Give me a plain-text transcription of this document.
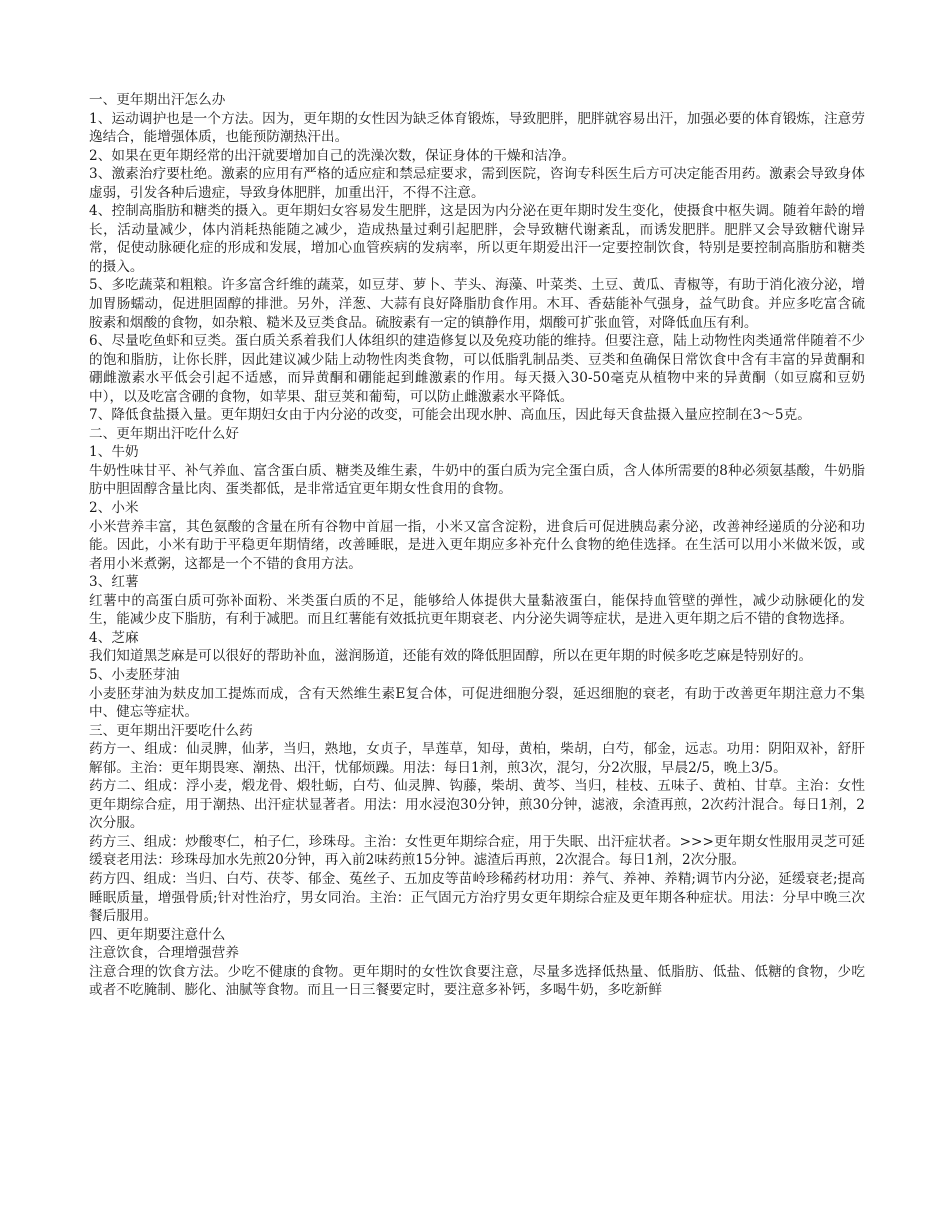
一、更年期出汗怎么办

1、运动调护也是一个方法。因为，更年期的女性因为缺乏体育锻炼，导致肥胖，肥胖就容易出汗，加强必要的体育锻炼，注意劳逸结合，能增强体质，也能预防潮热汗出。

2、如果在更年期经常的出汗就要增加自己的洗澡次数，保证身体的干燥和洁净。

3、激素治疗要杜绝。激素的应用有严格的适应症和禁忌症要求，需到医院，咨询专科医生后方可决定能否用药。激素会导致身体虚弱，引发各种后遗症，导致身体肥胖，加重出汗，不得不注意。

4、控制高脂肪和糖类的摄入。更年期妇女容易发生肥胖，这是因为内分泌在更年期时发生变化，使摄食中枢失调。随着年龄的增长，活动量减少，体内消耗热能随之减少，造成热量过剩引起肥胖，会导致糖代谢紊乱，而诱发肥胖。肥胖又会导致糖代谢异常，促使动脉硬化症的形成和发展，增加心血管疾病的发病率，所以更年期爱出汗一定要控制饮食，特别是要控制高脂肪和糖类的摄入。

5、多吃蔬菜和粗粮。许多富含纤维的蔬菜，如豆芽、萝卜、芋头、海藻、叶菜类、土豆、黄瓜、青椒等，有助于消化液分泌，增加胃肠蠕动，促进胆固醇的排泄。另外，洋葱、大蒜有良好降脂肋食作用。木耳、香菇能补气强身，益气助食。并应多吃富含硫胺素和烟酸的食物，如杂粮、糙米及豆类食品。硫胺素有一定的镇静作用，烟酸可扩张血管，对降低血压有利。

6、尽量吃鱼虾和豆类。蛋白质关系着我们人体组织的建造修复以及免疫功能的维持。但要注意，陆上动物性肉类通常伴随着不少的饱和脂肪，让你长胖，因此建议减少陆上动物性肉类食物，可以低脂乳制品类、豆类和鱼确保日常饮食中含有丰富的异黄酮和硼雌激素水平低会引起不适感，而异黄酮和硼能起到雌激素的作用。每天摄入30-50毫克从植物中来的异黄酮（如豆腐和豆奶中），以及吃富含硼的食物，如苹果、甜豆荚和葡萄，可以防止雌激素水平降低。

7、降低食盐摄入量。更年期妇女由于内分泌的改变，可能会出现水肿、高血压，因此每天食盐摄入量应控制在3～5克。

二、更年期出汗吃什么好

1、牛奶

牛奶性味甘平、补气养血、富含蛋白质、糖类及维生素，牛奶中的蛋白质为完全蛋白质，含人体所需要的8种必须氨基酸，牛奶脂肪中胆固醇含量比肉、蛋类都低，是非常适宜更年期女性食用的食物。

2、小米

小米营养丰富，其色氨酸的含量在所有谷物中首屈一指，小米又富含淀粉，进食后可促进胰岛素分泌，改善神经递质的分泌和功能。因此，小米有助于平稳更年期情绪，改善睡眠，是进入更年期应多补充什么食物的绝佳选择。在生活可以用小米做米饭，或者用小米煮粥，这都是一个不错的食用方法。

3、红薯

红薯中的高蛋白质可弥补面粉、米类蛋白质的不足，能够给人体提供大量黏液蛋白，能保持血管壁的弹性，减少动脉硬化的发生，能减少皮下脂肪，有利于减肥。而且红薯能有效抵抗更年期衰老、内分泌失调等症状，是进入更年期之后不错的食物选择。

4、芝麻

我们知道黑芝麻是可以很好的帮助补血，滋润肠道，还能有效的降低胆固醇，所以在更年期的时候多吃芝麻是特别好的。

5、小麦胚芽油

小麦胚芽油为麸皮加工提炼而成，含有天然维生素E复合体，可促进细胞分裂，延迟细胞的衰老，有助于改善更年期注意力不集中、健忘等症状。

三、更年期出汗要吃什么药

药方一、组成：仙灵脾，仙茅，当归，熟地，女贞子，旱莲草，知母，黄柏，柴胡，白芍，郁金，远志。功用：阴阳双补，舒肝解郁。主治：更年期畏寒、潮热、出汗，忧郁烦躁。用法：每日1剂，煎3次，混匀，分2次服，早晨2/5，晚上3/5。

药方二、组成：浮小麦，煅龙骨、煅牡蛎，白芍、仙灵脾、钩藤，柴胡、黄芩、当归，桂枝、五味子、黄柏、甘草。主治：女性更年期综合症，用于潮热、出汗症状显著者。用法：用水浸泡30分钟，煎30分钟，滤液，余渣再煎，2次药汁混合。每日1剂，2次分服。

药方三、组成：炒酸枣仁，柏子仁，珍珠母。主治：女性更年期综合症，用于失眠、出汗症状者。>>>更年期女性服用灵芝可延缓衰老用法：珍珠母加水先煎20分钟，再入前2味药煎15分钟。滤渣后再煎，2次混合。每日1剂，2次分服。

药方四、组成：当归、白芍、茯苓、郁金、菟丝子、五加皮等苗岭珍稀药材功用：养气、养神、养精;调节内分泌，延缓衰老;提高睡眠质量，增强骨质;针对性治疗，男女同治。主治：正气固元方治疗男女更年期综合症及更年期各种症状。用法：分早中晚三次餐后服用。

四、更年期要注意什么

注意饮食，合理增强营养

注意合理的饮食方法。少吃不健康的食物。更年期时的女性饮食要注意，尽量多选择低热量、低脂肪、低盐、低糖的食物，少吃或者不吃腌制、膨化、油腻等食物。而且一日三餐要定时，要注意多补钙，多喝牛奶，多吃新鲜
